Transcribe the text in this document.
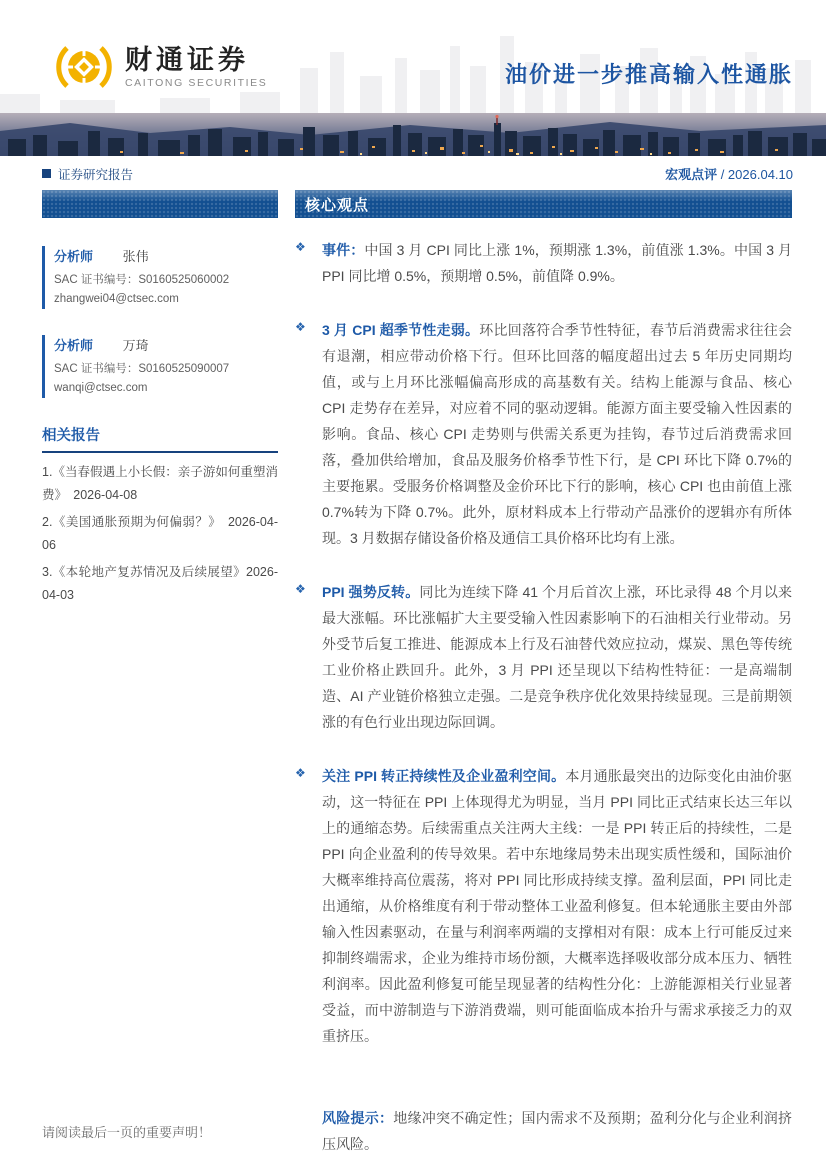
财通证券
CAITONG SECURITIES	油价进一步推高输入性通胀
证券研究报告	宏观点评 / 2026.04.10
核心观点
分析师 张伟
SAC 证书编号：S0160525060002
zhangwei04@ctsec.com
分析师 万琦
SAC 证书编号：S0160525090007
wanqi@ctsec.com
相关报告
1.《当春假遇上小长假：亲子游如何重塑消费》　2026-04-08
2.《美国通胀预期为何偏弱？》　2026-04-06
3.《本轮地产复苏情况及后续展望》2026-04-03
❖	事件：中国 3 月 CPI 同比上涨 1%，预期涨 1.3%，前值涨 1.3%。中国 3 月 PPI 同比增 0.5%，预期增 0.5%，前值降 0.9%。

❖	3 月 CPI 超季节性走弱。环比回落符合季节性特征，春节后消费需求往往会有退潮，相应带动价格下行。但环比回落的幅度超出过去 5 年历史同期均值，或与上月环比涨幅偏高形成的高基数有关。结构上能源与食品、核心 CPI 走势存在差异，对应着不同的驱动逻辑。能源方面主要受输入性因素的影响。食品、核心 CPI 走势则与供需关系更为挂钩，春节过后消费需求回落，叠加供给增加，食品及服务价格季节性下行，是 CPI 环比下降 0.7%的主要拖累。受服务价格调整及金价环比下行的影响，核心 CPI 也由前值上涨 0.7%转为下降 0.7%。此外，原材料成本上行带动产品涨价的逻辑亦有所体现。3 月数据存储设备价格及通信工具价格环比均有上涨。

❖	PPI 强势反转。同比为连续下降 41 个月后首次上涨，环比录得 48 个月以来最大涨幅。环比涨幅扩大主要受输入性因素影响下的石油相关行业带动。另外受节后复工推进、能源成本上行及石油替代效应拉动，煤炭、黑色等传统工业价格止跌回升。此外，3 月 PPI 还呈现以下结构性特征：一是高端制造、AI 产业链价格独立走强。二是竞争秩序优化效果持续显现。三是前期领涨的有色行业出现边际回调。

❖	关注 PPI 转正持续性及企业盈利空间。本月通胀最突出的边际变化由油价驱动，这一特征在 PPI 上体现得尤为明显，当月 PPI 同比正式结束长达三年以上的通缩态势。后续需重点关注两大主线：一是 PPI 转正后的持续性，二是 PPI 向企业盈利的传导效果。若中东地缘局势未出现实质性缓和，国际油价大概率维持高位震荡，将对 PPI 同比形成持续支撑。盈利层面，PPI 同比走出通缩，从价格维度有利于带动整体工业盈利修复。但本轮通胀主要由外部输入性因素驱动，在量与利润率两端的支撑相对有限：成本上行可能反过来抑制终端需求，企业为维持市场份额，大概率选择吸收部分成本压力、牺牲利润率。因此盈利修复可能呈现显著的结构性分化：上游能源相关行业显著受益，而中游制造与下游消费端，则可能面临成本抬升与需求承接乏力的双重挤压。

风险提示：地缘冲突不确定性；国内需求不及预期；盈利分化与企业利润挤压风险。

请阅读最后一页的重要声明！
